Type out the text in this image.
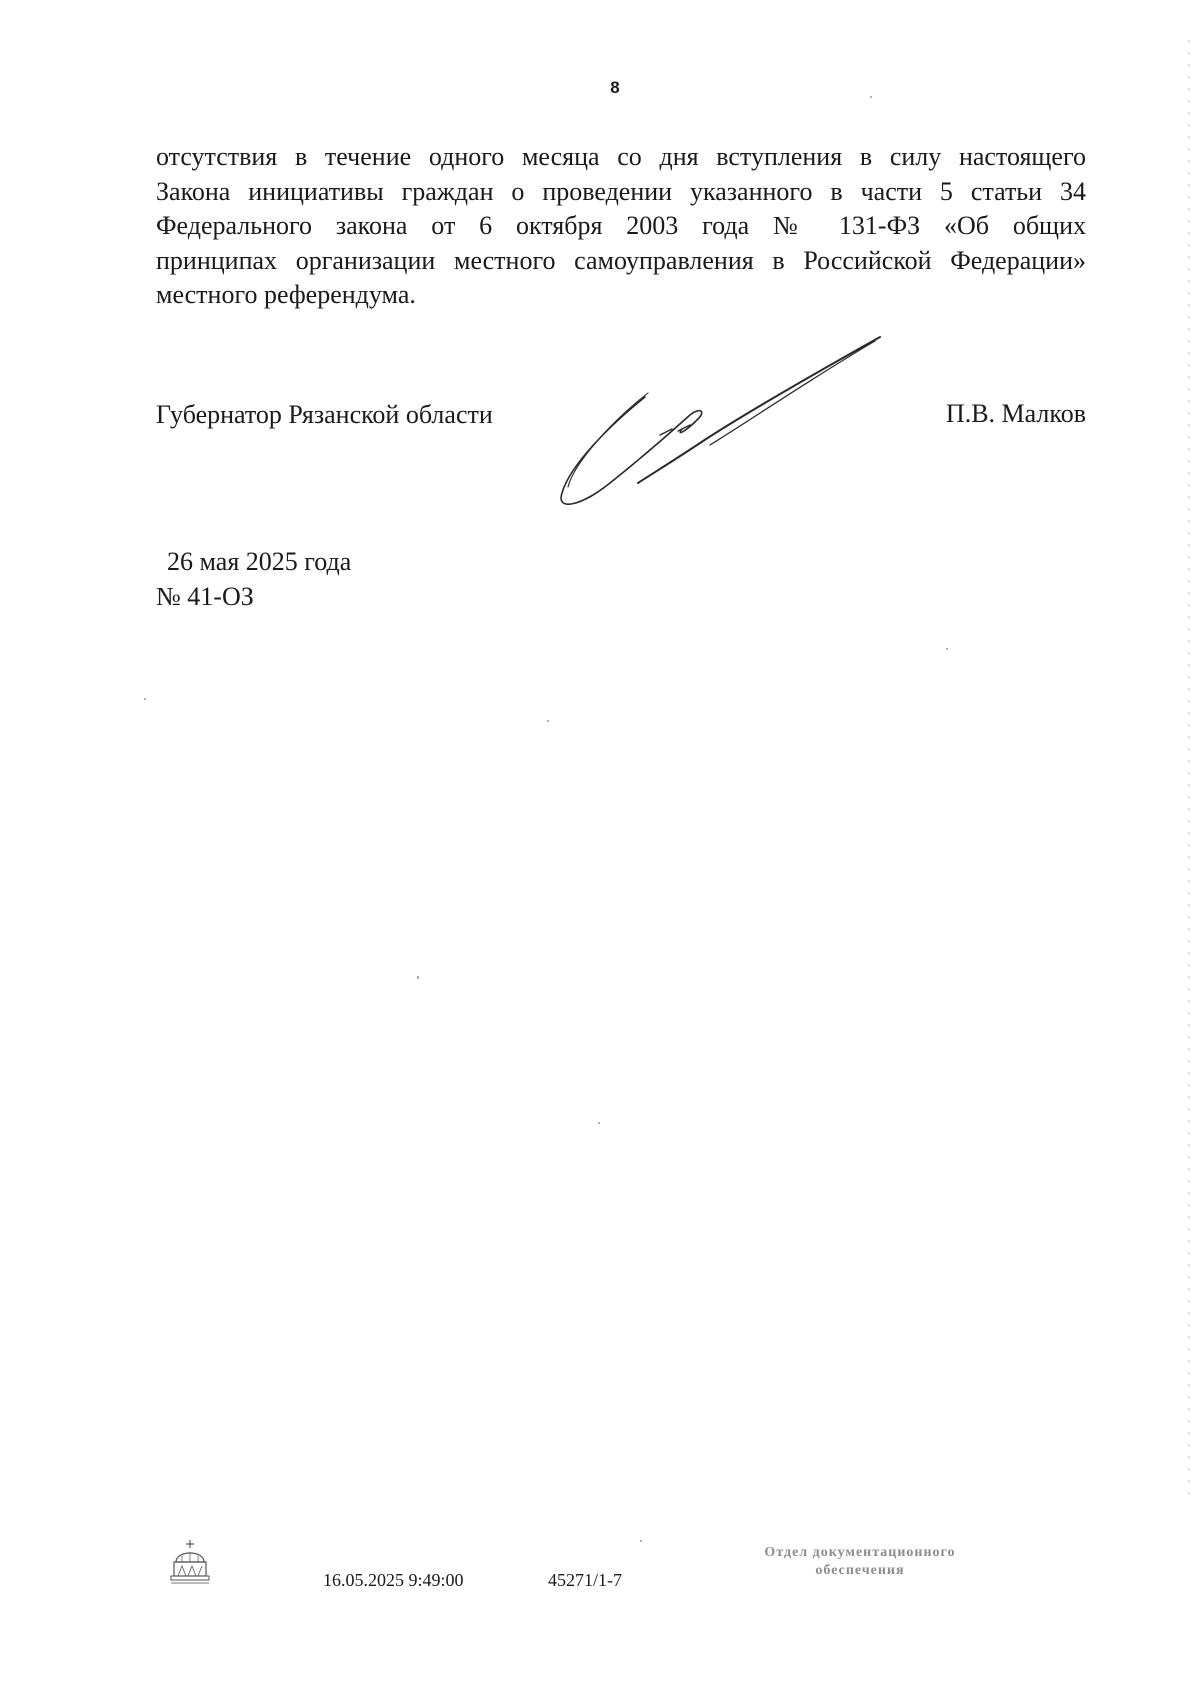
8
отсутствия в течение одного месяца со дня вступления в силу настоящего
Закона инициативы граждан о проведении указанного в части 5 статьи 34
Федерального закона от 6 октября 2003 года № 131-ФЗ «Об общих
принципах организации местного самоуправления в Российской Федерации»
местного референдума.
Губернатор Рязанской области	П.В. Малков
26 мая 2025 года
№ 41-ОЗ
16.05.2025 9:49:00	45271/1-7
Отдел документационного
обеспечения
